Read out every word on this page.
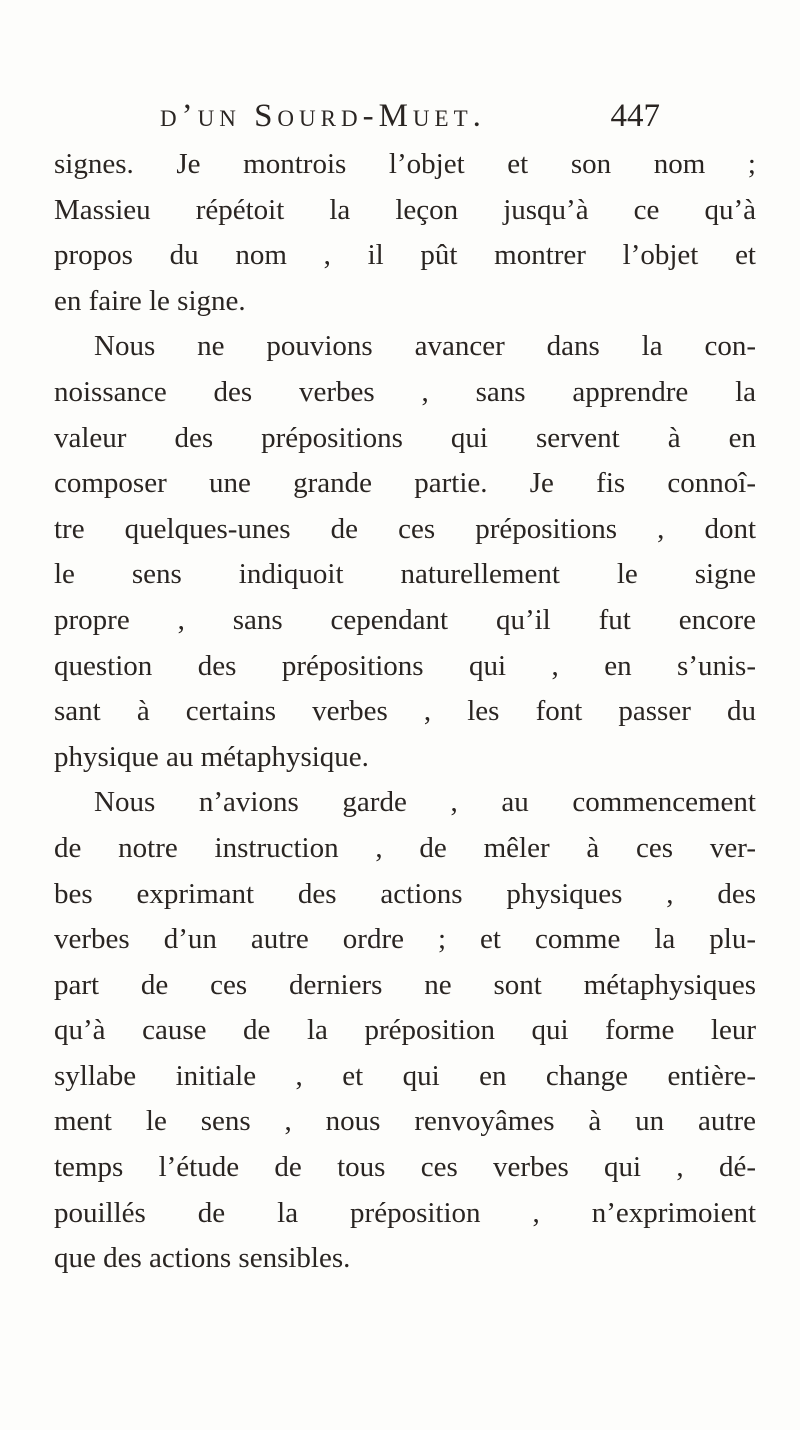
d’un Sourd-Muet.	447
signes. Je montrois l’objet et son nom ;
Massieu répétoit la leçon jusqu’à ce qu’à
propos du nom , il pût montrer l’objet et
en faire le signe.
Nous ne pouvions avancer dans la con-
noissance des verbes , sans apprendre la
valeur des prépositions qui servent à en
composer une grande partie. Je fis connoî-
tre quelques-unes de ces prépositions , dont
le sens indiquoit naturellement le signe
propre , sans cependant qu’il fut encore
question des prépositions qui , en s’unis-
sant à certains verbes , les font passer du
physique au métaphysique.
Nous n’avions garde , au commencement
de notre instruction , de mêler à ces ver-
bes exprimant des actions physiques , des
verbes d’un autre ordre ; et comme la plu-
part de ces derniers ne sont métaphysiques
qu’à cause de la préposition qui forme leur
syllabe initiale , et qui en change entière-
ment le sens , nous renvoyâmes à un autre
temps l’étude de tous ces verbes qui , dé-
pouillés de la préposition , n’exprimoient
que des actions sensibles.
